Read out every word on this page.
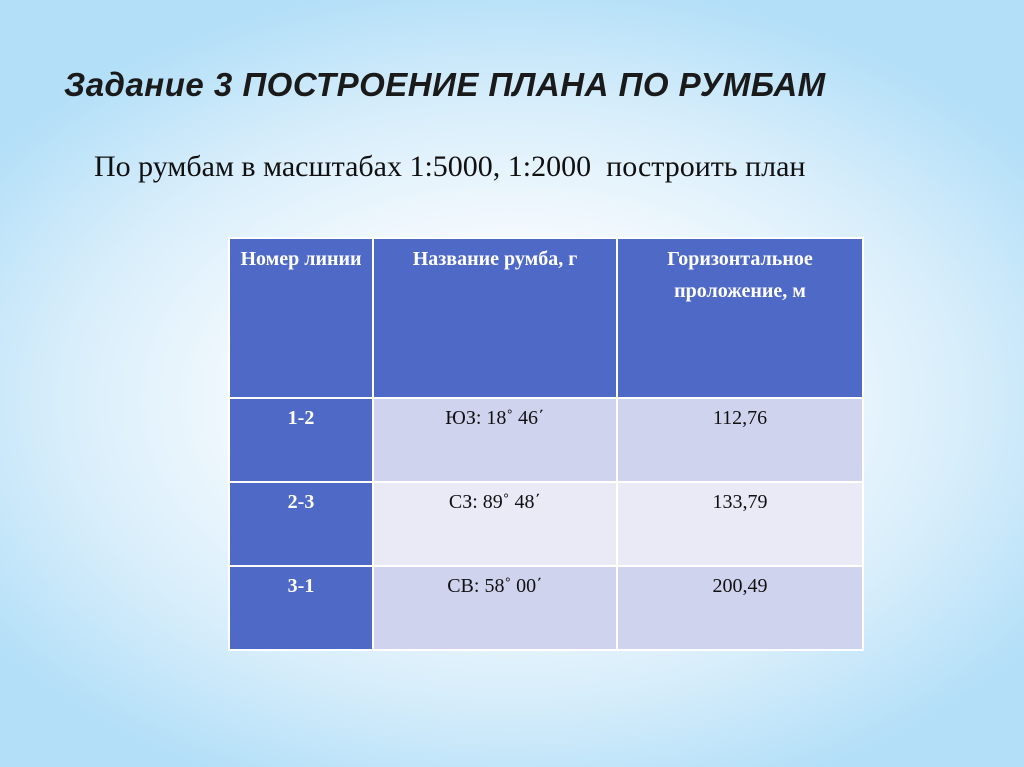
Задание 3 ПОСТРОЕНИЕ ПЛАНА ПО РУМБАМ

По румбам в масштабах 1:5000, 1:2000  построить план

Номер линии	Название румба, г	Горизонтальное проложение, м
1-2	ЮЗ: 18˚ 46΄	112,76
2-3	СЗ: 89˚ 48΄	133,79
3-1	СВ: 58˚ 00΄	200,49
